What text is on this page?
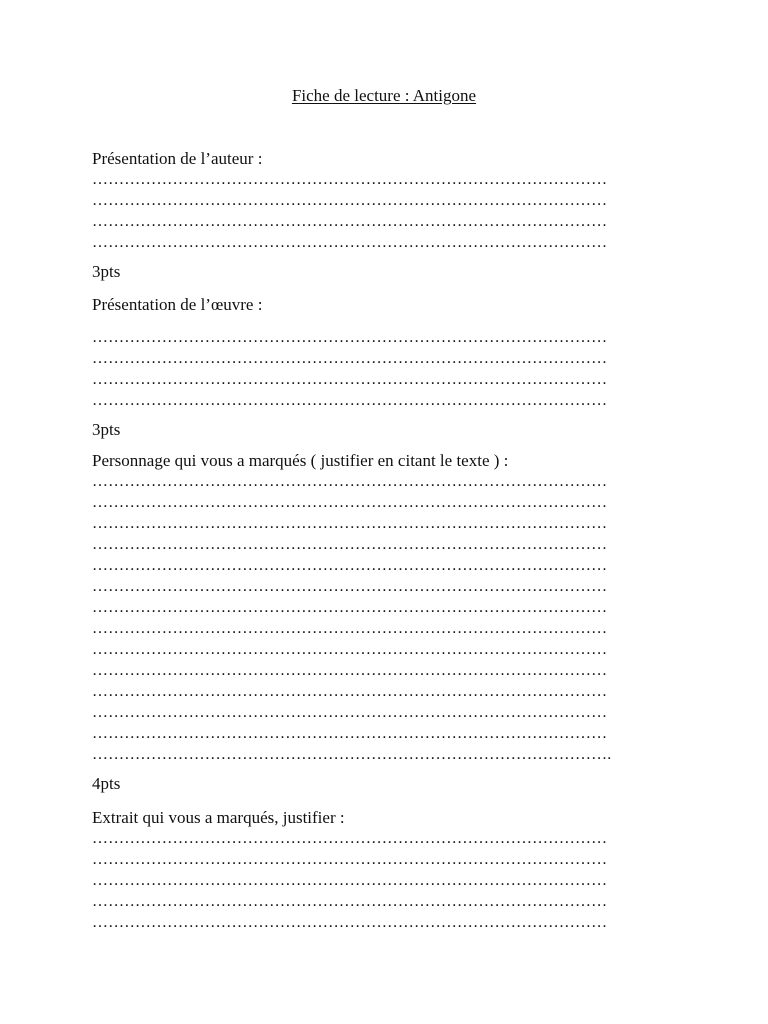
Fiche de lecture : Antigone
Présentation de l’auteur :
……………………………………………………………………………………
……………………………………………………………………………………
……………………………………………………………………………………
……………………………………………………………………………………
3pts
Présentation de l’œuvre :
……………………………………………………………………………………
……………………………………………………………………………………
……………………………………………………………………………………
……………………………………………………………………………………
3pts
Personnage qui vous a marqués ( justifier en citant le texte ) :
……………………………………………………………………………………
……………………………………………………………………………………
……………………………………………………………………………………
……………………………………………………………………………………
……………………………………………………………………………………
……………………………………………………………………………………
……………………………………………………………………………………
……………………………………………………………………………………
……………………………………………………………………………………
……………………………………………………………………………………
……………………………………………………………………………………
……………………………………………………………………………………
……………………………………………………………………………………
…………………………………………………………………………………….
4pts
Extrait qui vous a marqués, justifier :
……………………………………………………………………………………
……………………………………………………………………………………
……………………………………………………………………………………
……………………………………………………………………………………
……………………………………………………………………………………
